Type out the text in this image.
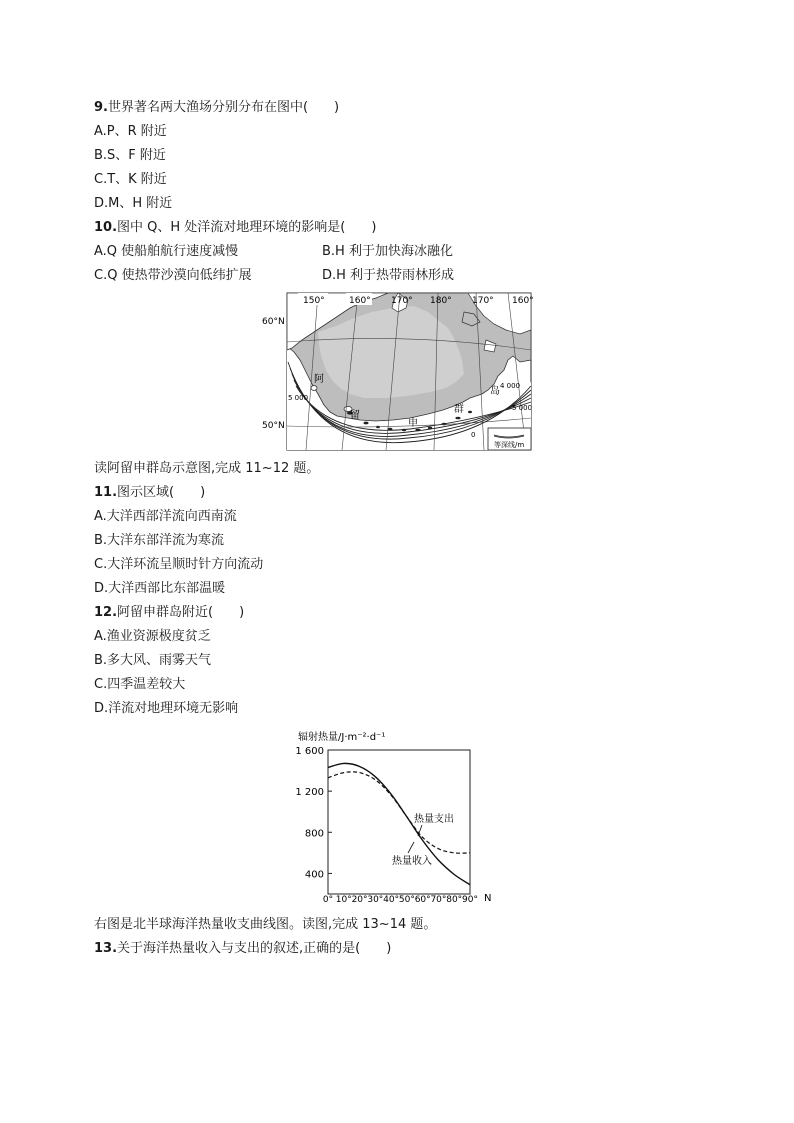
9.世界著名两大渔场分别分布在图中(　　)
A.P、R 附近
B.S、F 附近
C.T、K 附近
D.M、H 附近
10.图中 Q、H 处洋流对地理环境的影响是(　　)
A.Q 使船舶航行速度减慢	B.H 利于加快海冰融化
C.Q 使热带沙漠向低纬扩展	D.H 利于热带雨林形成
150°	160° 170° 180° 170° 160°
60°N
50°N
5 000
4 000
5 000
阿
留
申
群
岛
0
等深线/m
读阿留申群岛示意图,完成 11~12 题。
11.图示区域(　　)
A.大洋西部洋流向西南流
B.大洋东部洋流为寒流
C.大洋环流呈顺时针方向流动
D.大洋西部比东部温暖
12.阿留申群岛附近(　　)
A.渔业资源极度贫乏
B.多大风、雨雾天气
C.四季温差较大
D.洋流对地理环境无影响
辐射热量/J·m⁻²·d⁻¹
400
800
1 200
1 600
0° 10° 20° 30° 40° 50° 60° 70° 80° 90°
热量支出
热量收入
N
右图是北半球海洋热量收支曲线图。读图,完成 13~14 题。
13.关于海洋热量收入与支出的叙述,正确的是(　　)
